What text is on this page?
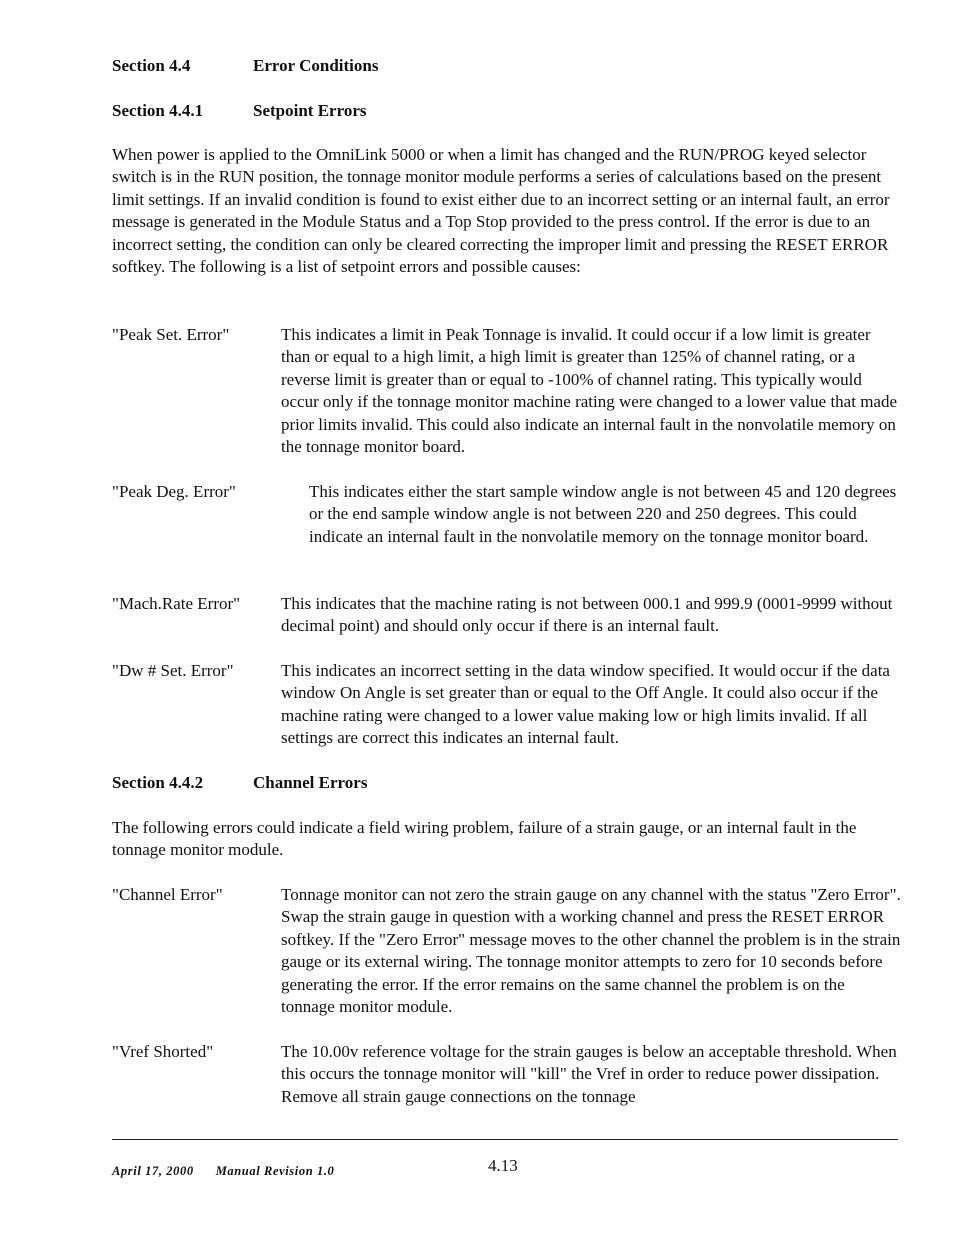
Section 4.4	Error Conditions
Section 4.4.1	Setpoint Errors
When power is applied to the OmniLink 5000 or when a limit has changed and the RUN/PROG keyed selector switch is in the RUN position, the tonnage monitor module performs a series of calculations based on the present limit settings. If an invalid condition is found to exist either due to an incorrect setting or an internal fault, an error message is generated in the Module Status and a Top Stop provided to the press control. If the error is due to an incorrect setting, the condition can only be cleared correcting the improper limit and pressing the RESET ERROR softkey. The following is a list of setpoint errors and possible causes:
"Peak Set. Error"	This indicates a limit in Peak Tonnage is invalid. It could occur if a low limit is greater than or equal to a high limit, a high limit is greater than 125% of channel rating, or a reverse limit is greater than or equal to -100% of channel rating. This typically would occur only if the tonnage monitor machine rating were changed to a lower value that made prior limits invalid. This could also indicate an internal fault in the nonvolatile memory on the tonnage monitor board.
"Peak Deg. Error"	This indicates either the start sample window angle is not between 45 and 120 degrees or the end sample window angle is not between 220 and 250 degrees. This could indicate an internal fault in the nonvolatile memory on the tonnage monitor board.
"Mach.Rate Error" This indicates that the machine rating is not between 000.1 and 999.9 (0001-9999 without decimal point) and should only occur if there is an internal fault.
"Dw # Set. Error"	This indicates an incorrect setting in the data window specified. It would occur if the data window On Angle is set greater than or equal to the Off Angle. It could also occur if the machine rating were changed to a lower value making low or high limits invalid. If all settings are correct this indicates an internal fault.
Section 4.4.2	Channel Errors
The following errors could indicate a field wiring problem, failure of a strain gauge, or an internal fault in the tonnage monitor module.
"Channel Error"	Tonnage monitor can not zero the strain gauge on any channel with the status "Zero Error". Swap the strain gauge in question with a working channel and press the RESET ERROR softkey. If the "Zero Error" message moves to the other channel the problem is in the strain gauge or its external wiring. The tonnage monitor attempts to zero for 10 seconds before generating the error. If the error remains on the same channel the problem is on the tonnage monitor module.
"Vref Shorted"	The 10.00v reference voltage for the strain gauges is below an acceptable threshold. When this occurs the tonnage monitor will "kill" the Vref in order to reduce power dissipation. Remove all strain gauge connections on the tonnage
April 17, 2000 Manual Revision 1.0	4.13
